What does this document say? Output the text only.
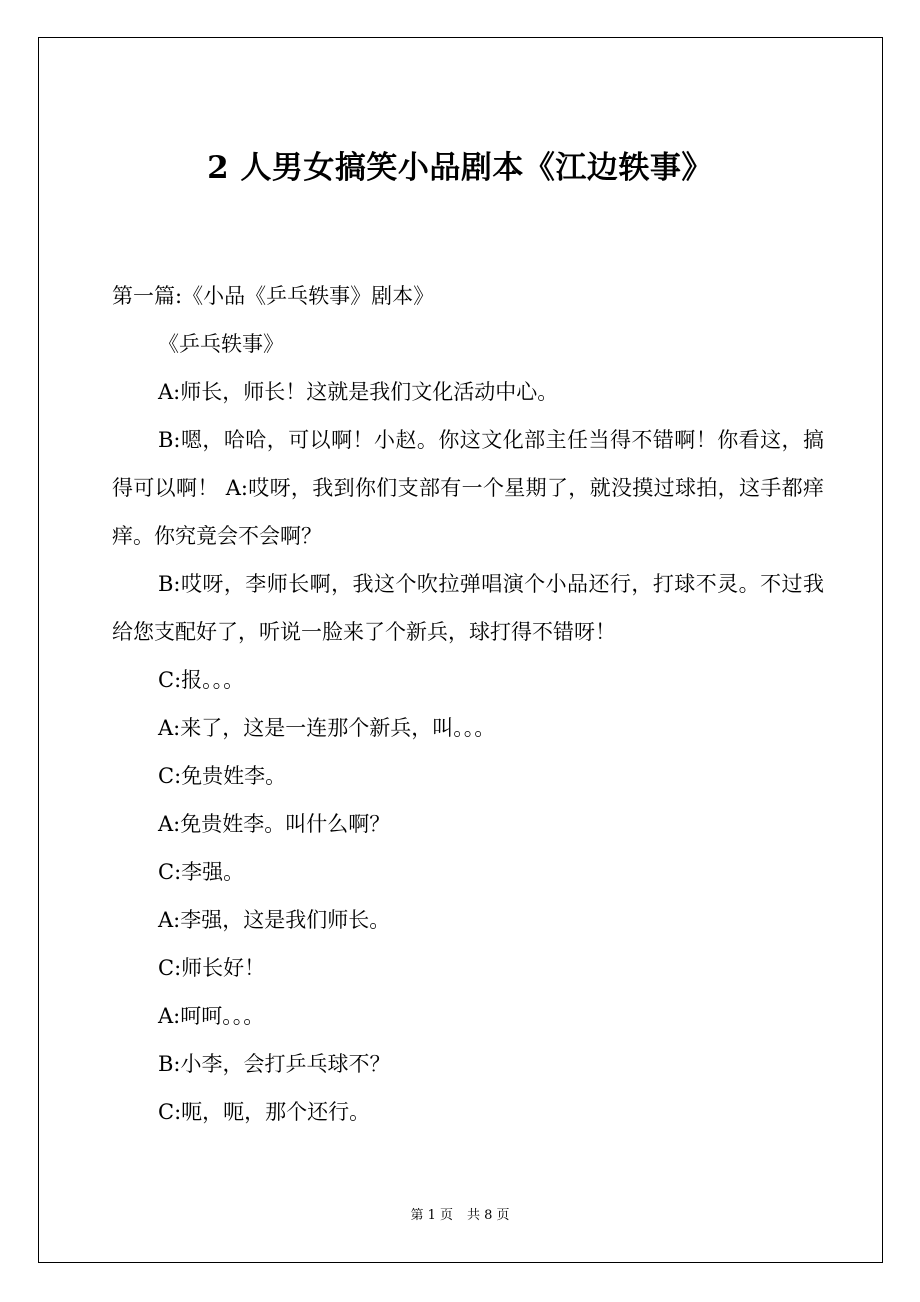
2 人男女搞笑小品剧本《江边轶事》

第一篇:《小品《乒乓轶事》剧本》

《乒乓轶事》

A:师长，师长！这就是我们文化活动中心。

B:嗯，哈哈，可以啊！小赵。你这文化部主任当得不错啊！你看这，搞得可以啊！ A:哎呀，我到你们支部有一个星期了，就没摸过球拍，这手都痒痒。你究竟会不会啊？

B:哎呀，李师长啊，我这个吹拉弹唱演个小品还行，打球不灵。不过我给您支配好了，听说一脸来了个新兵，球打得不错呀！

C:报。。。

A:来了，这是一连那个新兵，叫。。。

C:免贵姓李。

A:免贵姓李。叫什么啊？

C:李强。

A:李强，这是我们师长。

C:师长好！

A:呵呵。。。

B:小李，会打乒乓球不？

C:呃，呃，那个还行。

第 1 页 共 8 页
